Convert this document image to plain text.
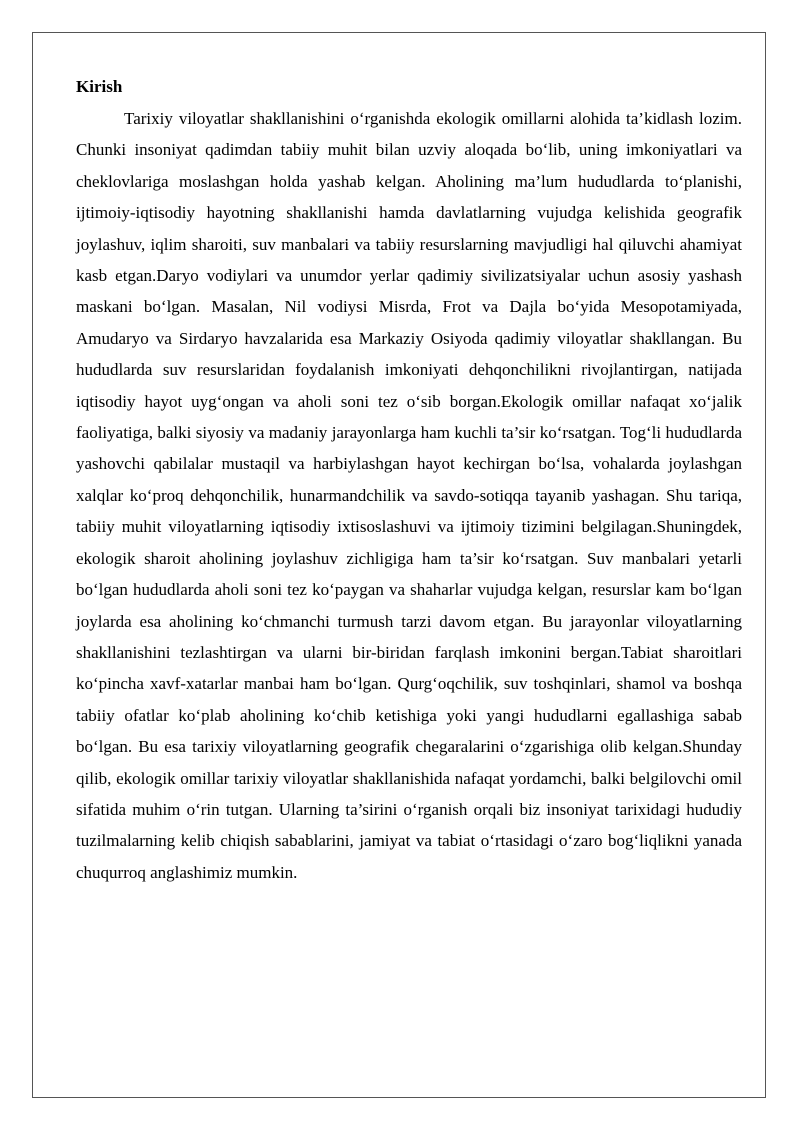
Kirish

Tarixiy viloyatlar shakllanishini o‘rganishda ekologik omillarni alohida ta’kidlash lozim. Chunki insoniyat qadimdan tabiiy muhit bilan uzviy aloqada bo‘lib, uning imkoniyatlari va cheklovlariga moslashgan holda yashab kelgan. Aholining ma’lum hududlarda to‘planishi, ijtimoiy-iqtisodiy hayotning shakllanishi hamda davlatlarning vujudga kelishida geografik joylashuv, iqlim sharoiti, suv manbalari va tabiiy resurslarning mavjudligi hal qiluvchi ahamiyat kasb etgan.Daryo vodiylari va unumdor yerlar qadimiy sivilizatsiyalar uchun asosiy yashash maskani bo‘lgan. Masalan, Nil vodiysi Misrda, Frot va Dajla bo‘yida Mesopotamiyada, Amudaryo va Sirdaryo havzalarida esa Markaziy Osiyoda qadimiy viloyatlar shakllangan. Bu hududlarda suv resurslaridan foydalanish imkoniyati dehqonchilikni rivojlantirgan, natijada iqtisodiy hayot uyg‘ongan va aholi soni tez o‘sib borgan.Ekologik omillar nafaqat xo‘jalik faoliyatiga, balki siyosiy va madaniy jarayonlarga ham kuchli ta’sir ko‘rsatgan. Tog‘li hududlarda yashovchi qabilalar mustaqil va harbiylashgan hayot kechirgan bo‘lsa, vohalarda joylashgan xalqlar ko‘proq dehqonchilik, hunarmandchilik va savdo-sotiqqa tayanib yashagan. Shu tariqa, tabiiy muhit viloyatlarning iqtisodiy ixtisoslashuvi va ijtimoiy tizimini belgilagan.Shuningdek, ekologik sharoit aholining joylashuv zichligiga ham ta’sir ko‘rsatgan. Suv manbalari yetarli bo‘lgan hududlarda aholi soni tez ko‘paygan va shaharlar vujudga kelgan, resurslar kam bo‘lgan joylarda esa aholining ko‘chmanchi turmush tarzi davom etgan. Bu jarayonlar viloyatlarning shakllanishini tezlashtirgan va ularni bir-biridan farqlash imkonini bergan.Tabiat sharoitlari ko‘pincha xavf-xatarlar manbai ham bo‘lgan. Qurg‘oqchilik, suv toshqinlari, shamol va boshqa tabiiy ofatlar ko‘plab aholining ko‘chib ketishiga yoki yangi hududlarni egallashiga sabab bo‘lgan. Bu esa tarixiy viloyatlarning geografik chegaralarini o‘zgarishiga olib kelgan.Shunday qilib, ekologik omillar tarixiy viloyatlar shakllanishida nafaqat yordamchi, balki belgilovchi omil sifatida muhim o‘rin tutgan. Ularning ta’sirini o‘rganish orqali biz insoniyat tarixidagi hududiy tuzilmalarning kelib chiqish sabablarini, jamiyat va tabiat o‘rtasidagi o‘zaro bog‘liqlikni yanada chuqurroq anglashimiz mumkin.
